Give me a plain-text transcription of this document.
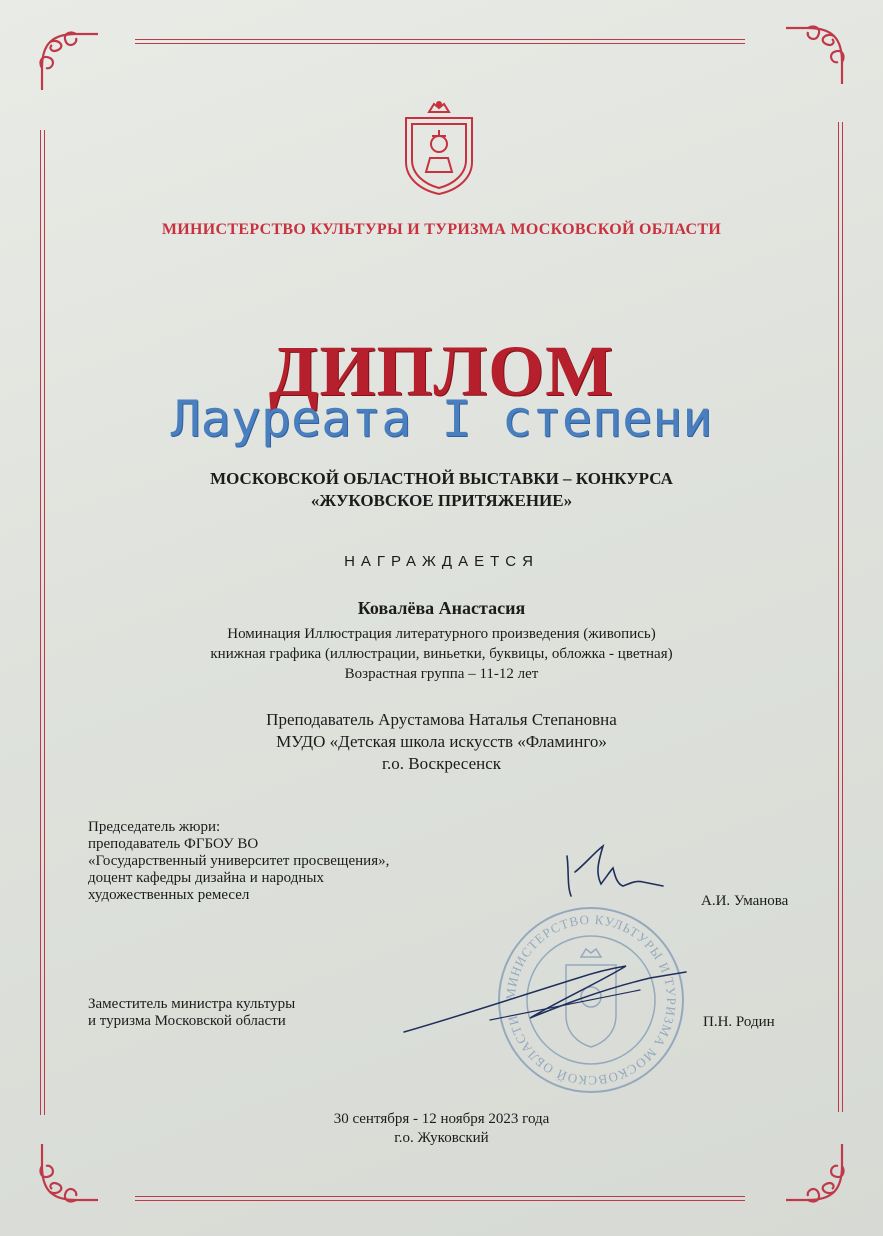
МИНИСТЕРСТВО КУЛЬТУРЫ И ТУРИЗМА МОСКОВСКОЙ ОБЛАСТИ
ДИПЛОМ
Лауреата I степени
МОСКОВСКОЙ ОБЛАСТНОЙ ВЫСТАВКИ – КОНКУРСА
«ЖУКОВСКОЕ ПРИТЯЖЕНИЕ»
НАГРАЖДАЕТСЯ
Ковалёва Анастасия
Номинация Иллюстрация литературного произведения (живопись)
книжная графика (иллюстрации, виньетки, буквицы, обложка - цветная)
Возрастная группа – 11-12 лет
Преподаватель Арустамова Наталья Степановна
МУДО «Детская школа искусств «Фламинго»
г.о. Воскресенск
Председатель жюри:
преподаватель ФГБОУ ВО
«Государственный университет просвещения»,
доцент кафедры дизайна и народных
художественных ремесел	А.И. Уманова
МИНИСТЕРСТВО КУЛЬТУРЫ И ТУРИЗМА МОСКОВСКОЙ ОБЛАСТИ
Заместитель министра культуры
и туризма Московской области	П.Н. Родин
30 сентября - 12 ноября 2023 года
г.о. Жуковский
